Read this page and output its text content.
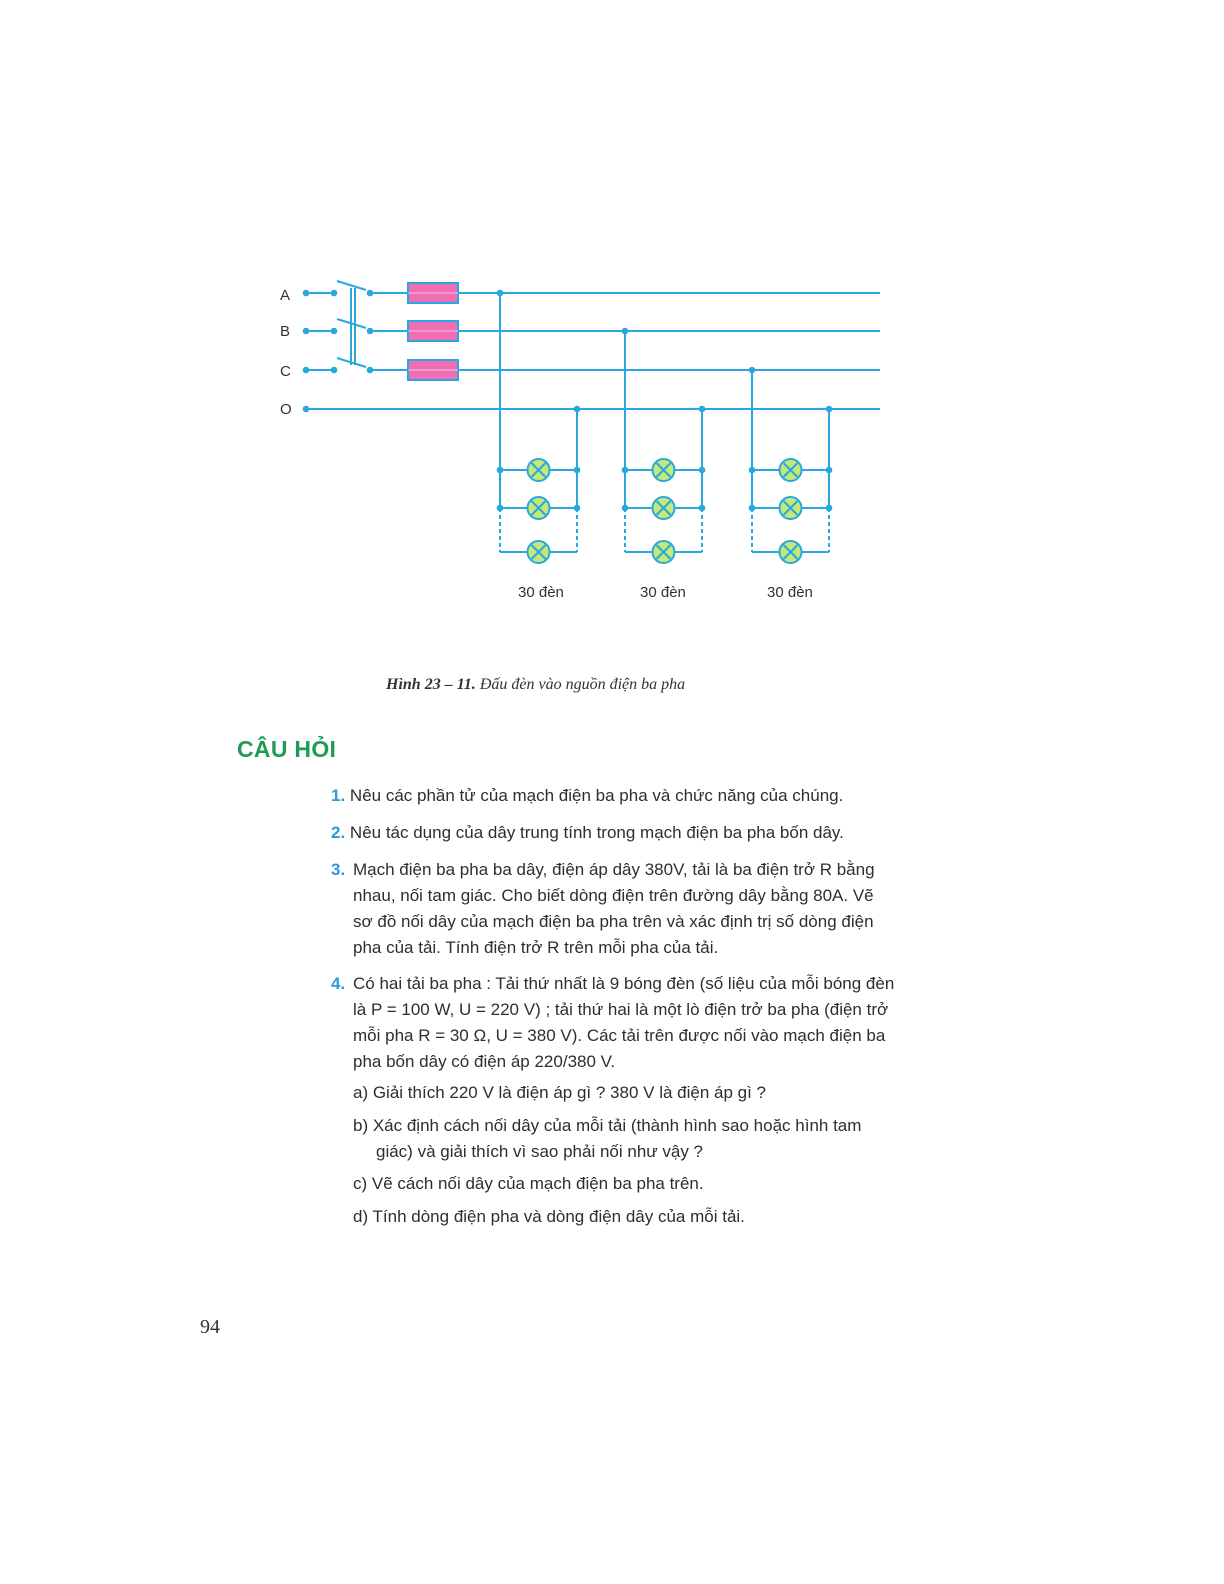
A
B
C
O
30 đèn	30 đèn	30 đèn
Hình 23 – 11. Đấu đèn vào nguồn điện ba pha
CÂU HỎI
1. Nêu các phần tử của mạch điện ba pha và chức năng của chúng.
2. Nêu tác dụng của dây trung tính trong mạch điện ba pha bốn dây.
3. Mạch điện ba pha ba dây, điện áp dây 380V, tải là ba điện trở R bằng
nhau, nối tam giác. Cho biết dòng điện trên đường dây bằng 80A. Vẽ
sơ đồ nối dây của mạch điện ba pha trên và xác định trị số dòng điện
pha của tải. Tính điện trở R trên mỗi pha của tải.
4. Có hai tải ba pha : Tải thứ nhất là 9 bóng đèn (số liệu của mỗi bóng đèn
là P = 100 W, U = 220 V) ; tải thứ hai là một lò điện trở ba pha (điện trở
mỗi pha R = 30 Ω, U = 380 V). Các tải trên được nối vào mạch điện ba
pha bốn dây có điện áp 220/380 V.
a) Giải thích 220 V là điện áp gì ? 380 V là điện áp gì ?
b) Xác định cách nối dây của mỗi tải (thành hình sao hoặc hình tam
giác) và giải thích vì sao phải nối như vậy ?
c) Vẽ cách nối dây của mạch điện ba pha trên.
d) Tính dòng điện pha và dòng điện dây của mỗi tải.
94
